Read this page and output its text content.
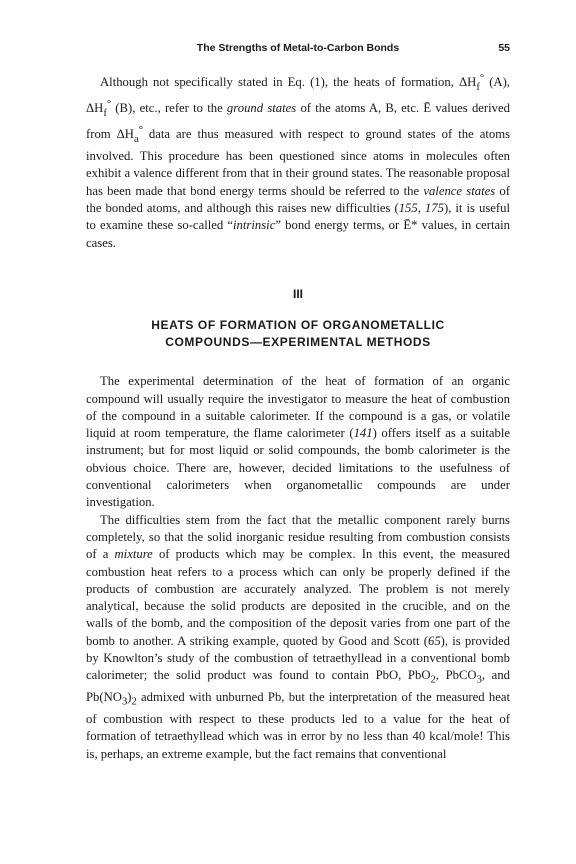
The Strengths of Metal-to-Carbon Bonds	55

Although not specifically stated in Eq. (1), the heats of formation, $\Delta H_f^\circ$ (A), $\Delta H_f^\circ$ (B), etc., refer to the ground states of the atoms A, B, etc. Ē values derived from $\Delta H_a^\circ$ data are thus measured with respect to ground states of the atoms involved. This procedure has been questioned since atoms in molecules often exhibit a valence different from that in their ground states. The reasonable proposal has been made that bond energy terms should be referred to the valence states of the bonded atoms, and although this raises new difficulties (155, 175), it is useful to examine these so-called “intrinsic” bond energy terms, or Ē* values, in certain cases.

III
HEATS OF FORMATION OF ORGANOMETALLIC
COMPOUNDS—EXPERIMENTAL METHODS

The experimental determination of the heat of formation of an organic compound will usually require the investigator to measure the heat of combustion of the compound in a suitable calorimeter. If the compound is a gas, or volatile liquid at room temperature, the flame calorimeter (141) offers itself as a suitable instrument; but for most liquid or solid compounds, the bomb calorimeter is the obvious choice. There are, however, decided limitations to the usefulness of conventional calorimeters when organometallic compounds are under investigation.

The difficulties stem from the fact that the metallic component rarely burns completely, so that the solid inorganic residue resulting from combustion consists of a mixture of products which may be complex. In this event, the measured combustion heat refers to a process which can only be properly defined if the products of combustion are accurately analyzed. The problem is not merely analytical, because the solid products are deposited in the crucible, and on the walls of the bomb, and the composition of the deposit varies from one part of the bomb to another. A striking example, quoted by Good and Scott (65), is provided by Knowlton’s study of the combustion of tetraethyllead in a conventional bomb calorimeter; the solid product was found to contain PbO, PbO$_2$, PbCO$_3$, and $Pb(NO_3)_2$ admixed with unburned Pb, but the interpretation of the measured heat of combustion with respect to these products led to a value for the heat of formation of tetraethyllead which was in error by no less than 40 kcal/mole! This is, perhaps, an extreme example, but the fact remains that conventional
